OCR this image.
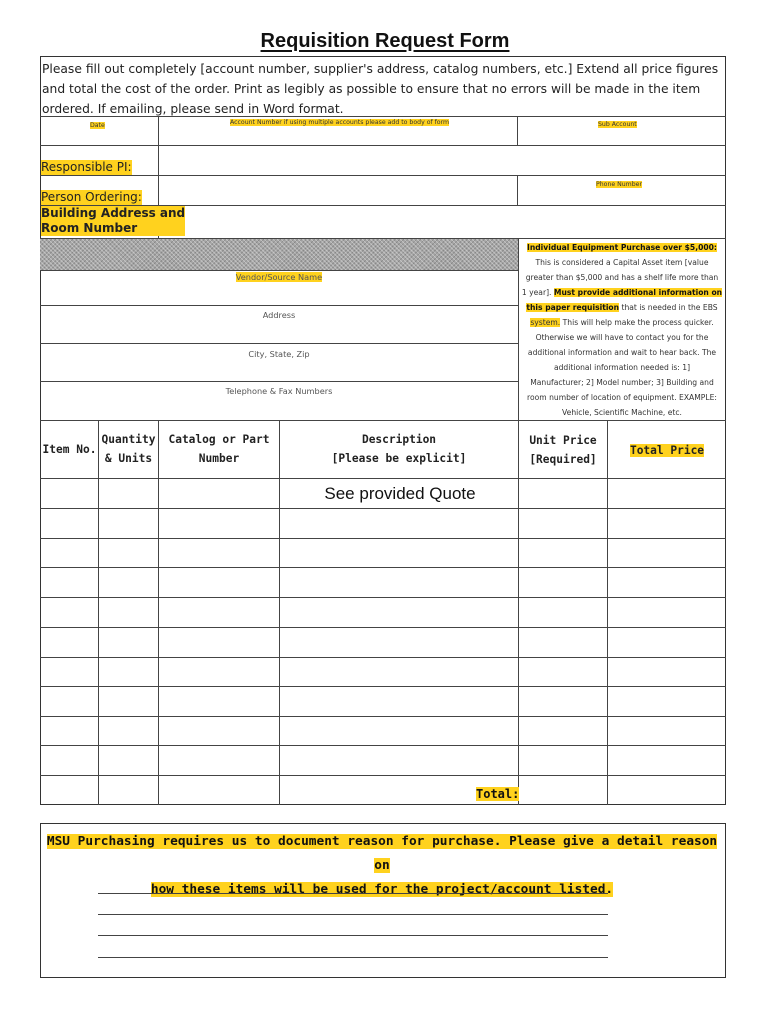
Requisition Request Form
Please fill out completely [account number, supplier's address, catalog numbers, etc.] Extend all price figures and total the cost of the order. Print as legibly as possible to ensure that no errors will be made in the item ordered. If emailing, please send in Word format.
Date	Account Number if using multiple accounts please add to body of form	Sub Account
Phone Number
Responsible PI:
Person Ordering:
Building Address and
Room Number
Vendor/Source Name
Address
City, State, Zip
Telephone & Fax Numbers
Individual Equipment Purchase over $5,000:
This is considered a Capital Asset item [value
greater than $5,000 and has a shelf life more than
1 year]. Must provide additional information on
this paper requisition that is needed in the EBS
system. This will help make the process quicker.
Otherwise we will have to contact you for the
additional information and wait to hear back. The
additional information needed is: 1]
Manufacturer; 2] Model number; 3] Building and
room number of location of equipment. EXAMPLE:
Vehicle, Scientific Machine, etc.
Item No.
Quantity
& Units
Catalog or Part
Number
Description
[Please be explicit]
Unit Price
[Required]
Total Price
See provided Quote
Total:
MSU Purchasing requires us to document reason for purchase. Please give a detail reason on
how these items will be used for the project/account listed.
